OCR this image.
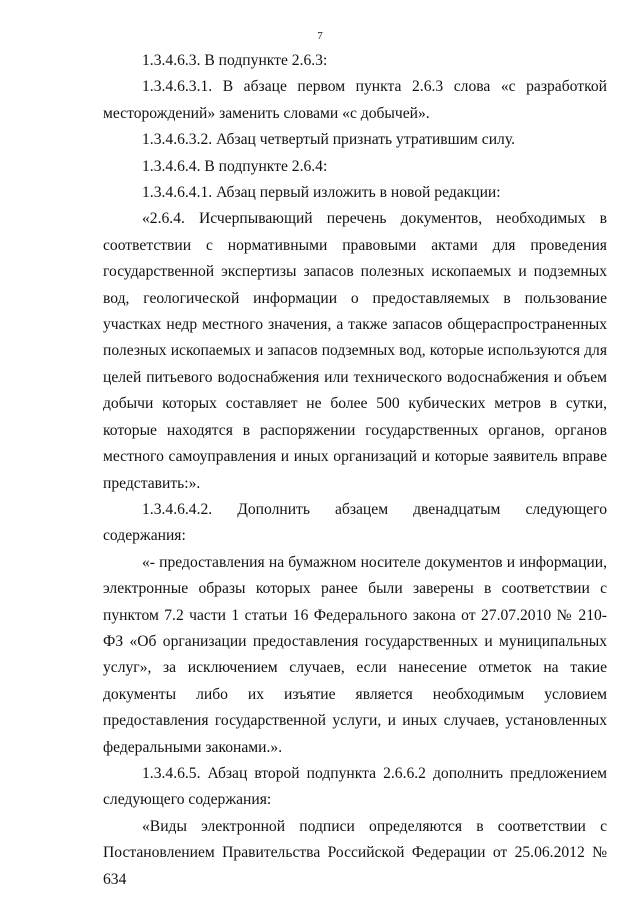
7

1.3.4.6.3. В подпункте 2.6.3:

1.3.4.6.3.1. В абзаце первом пункта 2.6.3 слова «с разработкой месторождений» заменить словами «с добычей».

1.3.4.6.3.2. Абзац четвертый признать утратившим силу.

1.3.4.6.4. В подпункте 2.6.4:

1.3.4.6.4.1. Абзац первый изложить в новой редакции:

«2.6.4. Исчерпывающий перечень документов, необходимых в соответствии с нормативными правовыми актами для проведения государственной экспертизы запасов полезных ископаемых и подземных вод, геологической информации о предоставляемых в пользование участках недр местного значения, а также запасов общераспространенных полезных ископаемых и запасов подземных вод, которые используются для целей питьевого водоснабжения или технического водоснабжения и объем добычи которых составляет не более 500 кубических метров в сутки, которые находятся в распоряжении государственных органов, органов местного самоуправления и иных организаций и которые заявитель вправе представить:».

1.3.4.6.4.2. Дополнить абзацем двенадцатым следующего содержания:

«- предоставления на бумажном носителе документов и информации, электронные образы которых ранее были заверены в соответствии с пунктом 7.2 части 1 статьи 16 Федерального закона от 27.07.2010 № 210-ФЗ «Об организации предоставления государственных и муниципальных услуг», за исключением случаев, если нанесение отметок на такие документы либо их изъятие является необходимым условием предоставления государственной услуги, и иных случаев, установленных федеральными законами.».

1.3.4.6.5. Абзац второй подпункта 2.6.6.2 дополнить предложением следующего содержания:

«Виды электронной подписи определяются в соответствии с Постановлением Правительства Российской Федерации от 25.06.2012 № 634
